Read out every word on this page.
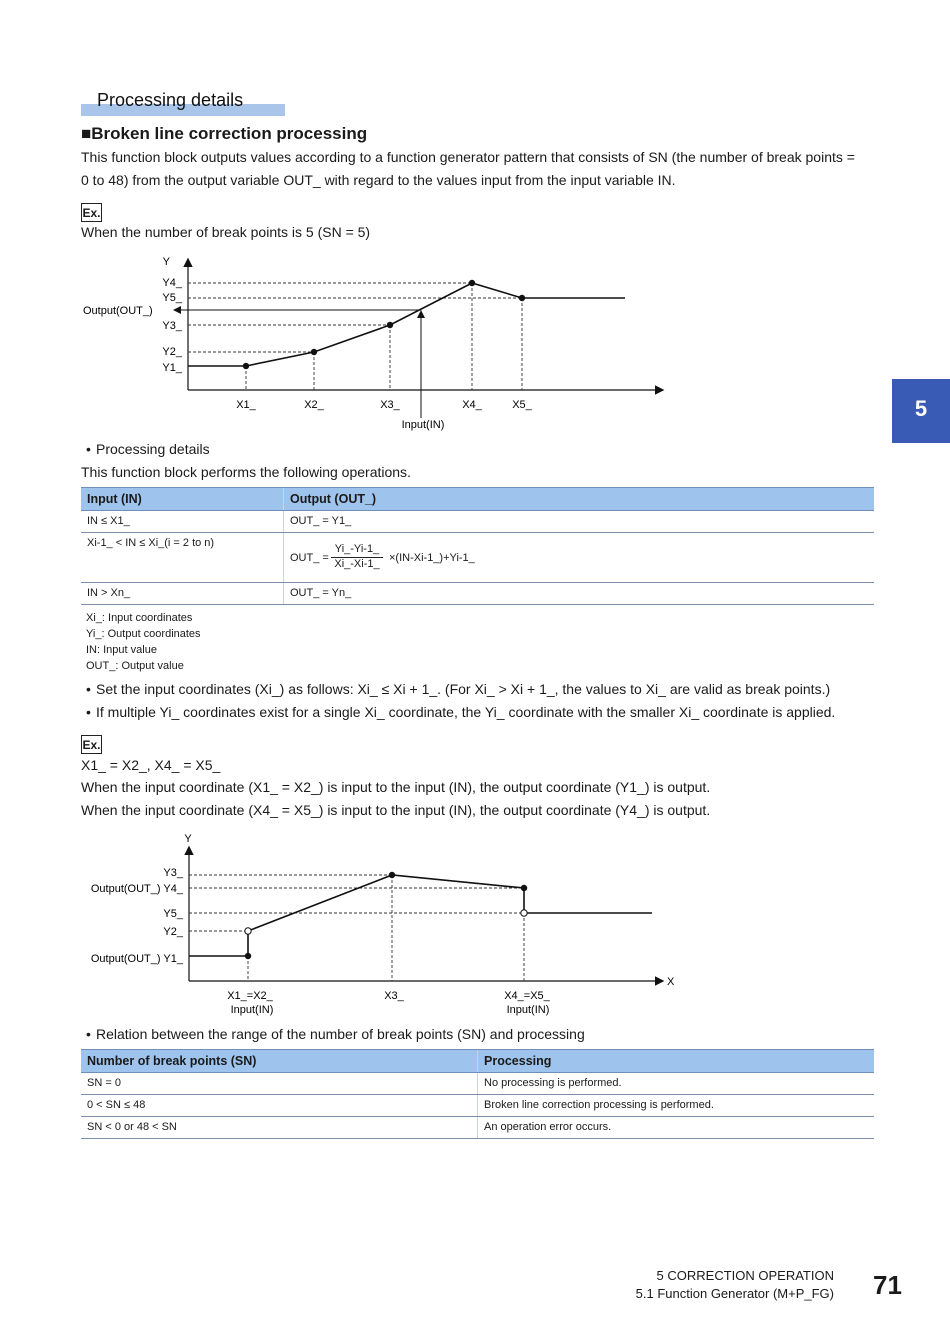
Processing details
■Broken line correction processing
This function block outputs values according to a function generator pattern that consists of SN (the number of break points =
0 to 48) from the output variable OUT_ with regard to the values input from the input variable IN.
Ex.
When the number of break points is 5 (SN = 5)
Y
Y4_
Y5_
Y3_
Y2_
Y1_
Output(OUT_)
X1_	X2_	X3_	X4_	X5_
Input(IN)
5
• Processing details
This function block performs the following operations.
Input (IN)	Output (OUT_)
IN ≤ X1_	OUT_ = Y1_
Xi-1_ < IN ≤ Xi_(i = 2 to n)	OUT_ =
Yi_-Yi-1_
Xi_-Xi-1_ ×(IN-Xi-1_)+Yi-1_

IN > Xn_	OUT_ = Yn_
Xi_: Input coordinates
Yi_: Output coordinates
IN: Input value
OUT_: Output value
• Set the input coordinates (Xi_) as follows: Xi_ ≤ Xi + 1_. (For Xi_ > Xi + 1_, the values to Xi_ are valid as break points.)
• If multiple Yi_ coordinates exist for a single Xi_ coordinate, the Yi_ coordinate with the smaller Xi_ coordinate is applied.
Ex.
X1_ = X2_, X4_ = X5_
When the input coordinate (X1_ = X2_) is input to the input (IN), the output coordinate (Y1_) is output.
When the input coordinate (X4_ = X5_) is input to the input (IN), the output coordinate (Y4_) is output.
Y
X
Y3_
Output(OUT_) Y4_
Y5_
Y2_
Output(OUT_) Y1_
X1_=X2_
Input(IN)
X3_	X4_=X5_
Input(IN)
• Relation between the range of the number of break points (SN) and processing
Number of break points (SN)	Processing
SN = 0	No processing is performed.
0 < SN ≤ 48	Broken line correction processing is performed.
SN < 0 or 48 < SN	An operation error occurs.
5 CORRECTION OPERATION
5.1 Function Generator (M+P_FG) 71
